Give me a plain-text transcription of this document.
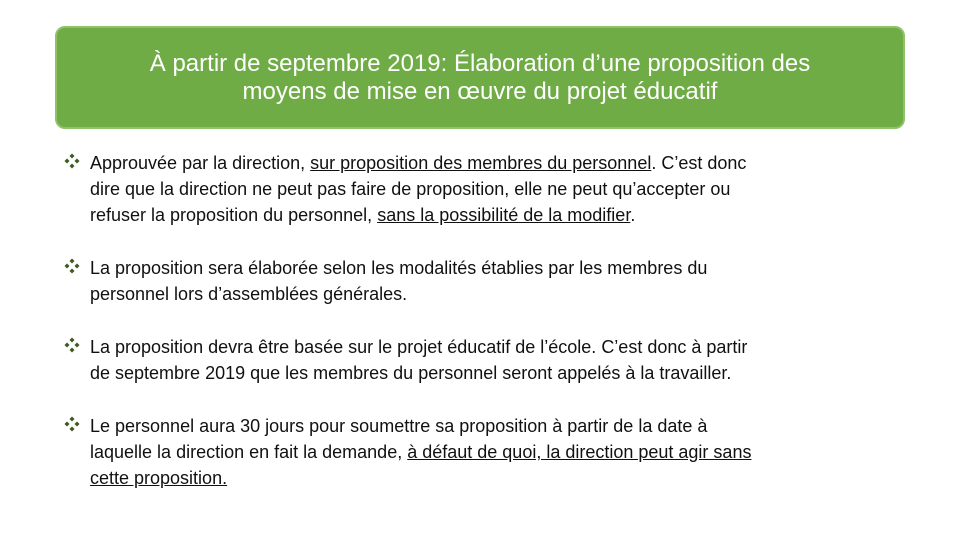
À partir de septembre 2019: Élaboration d’une proposition des
moyens de mise en œuvre du projet éducatif
Approuvée par la direction, sur proposition des membres du personnel. C’est donc
dire que la direction ne peut pas faire de proposition, elle ne peut qu’accepter ou
refuser la proposition du personnel, sans la possibilité de la modifier.
La proposition sera élaborée selon les modalités établies par les membres du
personnel lors d’assemblées générales.
La proposition devra être basée sur le projet éducatif de l’école. C’est donc à partir
de septembre 2019 que les membres du personnel seront appelés à la travailler.
Le personnel aura 30 jours pour soumettre sa proposition à partir de la date à
laquelle la direction en fait la demande, à défaut de quoi, la direction peut agir sans
cette proposition.
